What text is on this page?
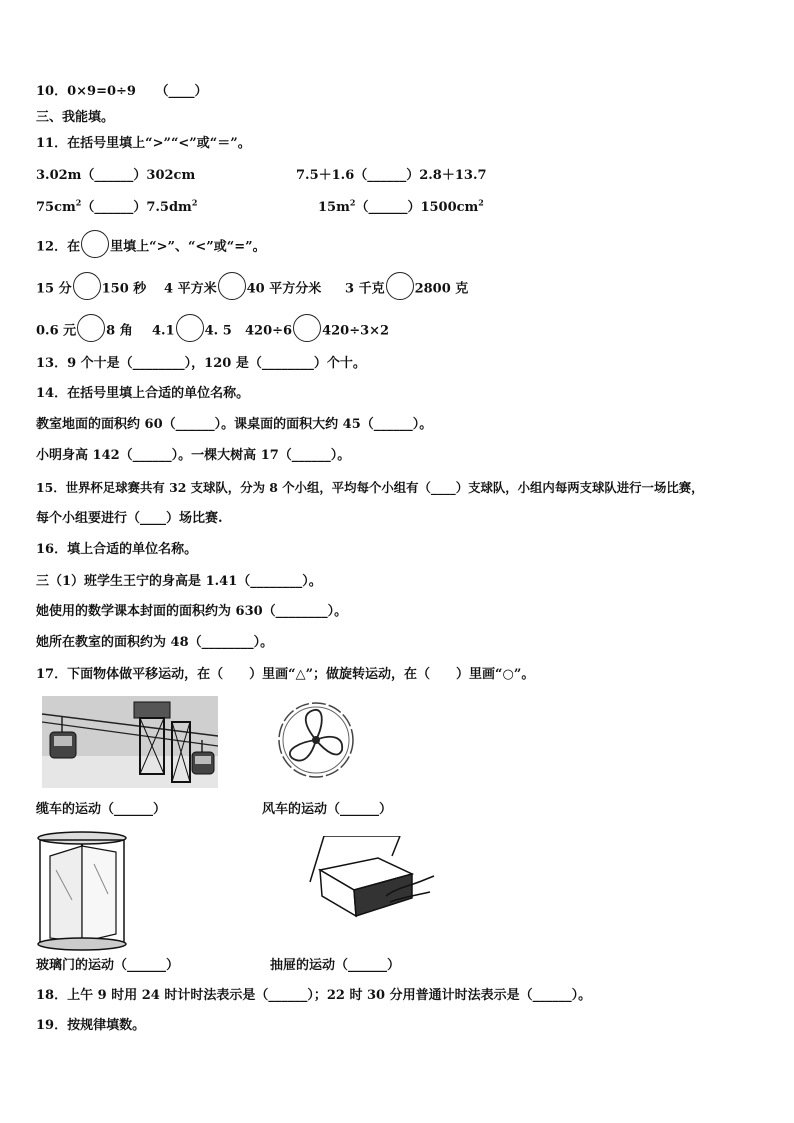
10．0×9=0÷9　　（____）
三、我能填。
11．在括号里填上“>”“<”或“＝”。
3.02m（______）302cm	7.5＋1.6（______）2.8＋13.7
$75cm^2(\_\_\_\_\_\_)7.5dm^2$	$15m^2(\_\_\_\_\_\_)1500cm^2$
12．在 里填上“>”、“<”或“=”。
15 分 150 秒 4 平方米 40 平方分米 3 千克 2800 克
0.6 元 8 角 4.1 4. 5 420÷6 420÷3×2
13．9 个十是（________），120 是（________）个十。
14．在括号里填上合适的单位名称。
教室地面的面积约 60（______）。课桌面的面积大约 45（______）。
小明身高 142（______）。一棵大树高 17（______）。
15．世界杯足球赛共有 32 支球队，分为 8 个小组，平均每个小组有（____）支球队，小组内每两支球队进行一场比赛，
每个小组要进行（____）场比赛.
16．填上合适的单位名称。
三（1）班学生王宁的身高是 1.41（________）。
她使用的数学课本封面的面积约为 630（________）。
她所在教室的面积约为 48（________）。
17．下面物体做平移运动，在（　　）里画“△”；做旋转运动，在（　　）里画“○”。
缆车的运动（______）	风车的运动（______）
玻璃门的运动（______）	抽屉的运动（______）
18．上午 9 时用 24 时计时法表示是（______）；22 时 30 分用普通计时法表示是（______）。
19．按规律填数。
